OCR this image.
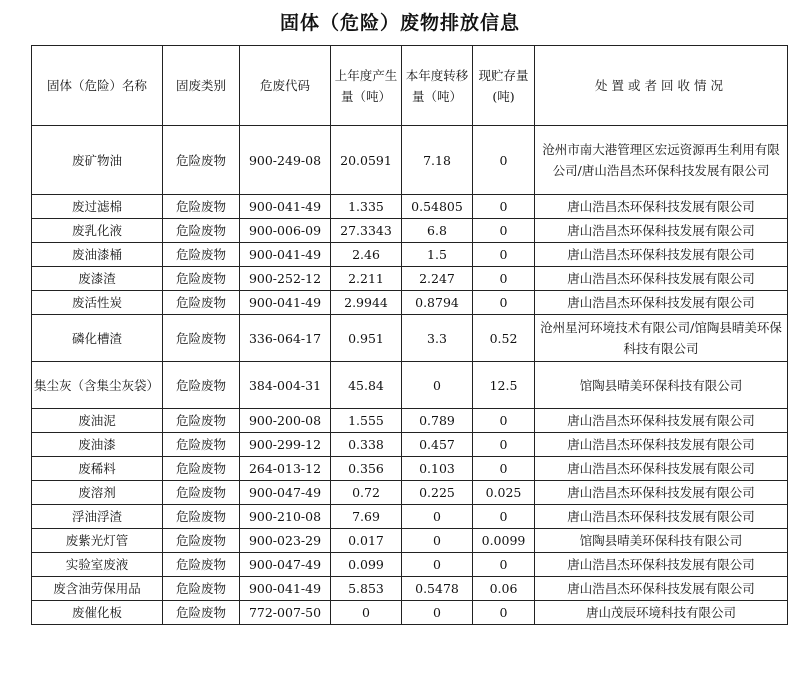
固体（危险）废物排放信息
固体（危险）名称	固废类别	危废代码	上年度产生量（吨）	本年度转移量（吨）	现贮存量(吨)	处置或者回收情况
废矿物油	危险废物	900-249-08	20.0591	7.18	0	沧州市南大港管理区宏远资源再生利用有限公司/唐山浩昌杰环保科技发展有限公司
废过滤棉	危险废物	900-041-49	1.335	0.54805	0	唐山浩昌杰环保科技发展有限公司
废乳化液	危险废物	900-006-09	27.3343	6.8	0	唐山浩昌杰环保科技发展有限公司
废油漆桶	危险废物	900-041-49	2.46	1.5	0	唐山浩昌杰环保科技发展有限公司
废漆渣	危险废物	900-252-12	2.211	2.247	0	唐山浩昌杰环保科技发展有限公司
废活性炭	危险废物	900-041-49	2.9944	0.8794	0	唐山浩昌杰环保科技发展有限公司
磷化槽渣	危险废物	336-064-17	0.951	3.3	0.52	沧州星河环境技术有限公司/馆陶县晴美环保科技有限公司
集尘灰（含集尘灰袋）	危险废物	384-004-31	45.84	0	12.5	馆陶县晴美环保科技有限公司
废油泥	危险废物	900-200-08	1.555	0.789	0	唐山浩昌杰环保科技发展有限公司
废油漆	危险废物	900-299-12	0.338	0.457	0	唐山浩昌杰环保科技发展有限公司
废稀料	危险废物	264-013-12	0.356	0.103	0	唐山浩昌杰环保科技发展有限公司
废溶剂	危险废物	900-047-49	0.72	0.225	0.025	唐山浩昌杰环保科技发展有限公司
浮油浮渣	危险废物	900-210-08	7.69	0	0	唐山浩昌杰环保科技发展有限公司
废紫光灯管	危险废物	900-023-29	0.017	0	0.0099	馆陶县晴美环保科技有限公司
实验室废液	危险废物	900-047-49	0.099	0	0	唐山浩昌杰环保科技发展有限公司
废含油劳保用品	危险废物	900-041-49	5.853	0.5478	0.06	唐山浩昌杰环保科技发展有限公司
废催化板	危险废物	772-007-50	0	0	0	唐山茂辰环境科技有限公司
